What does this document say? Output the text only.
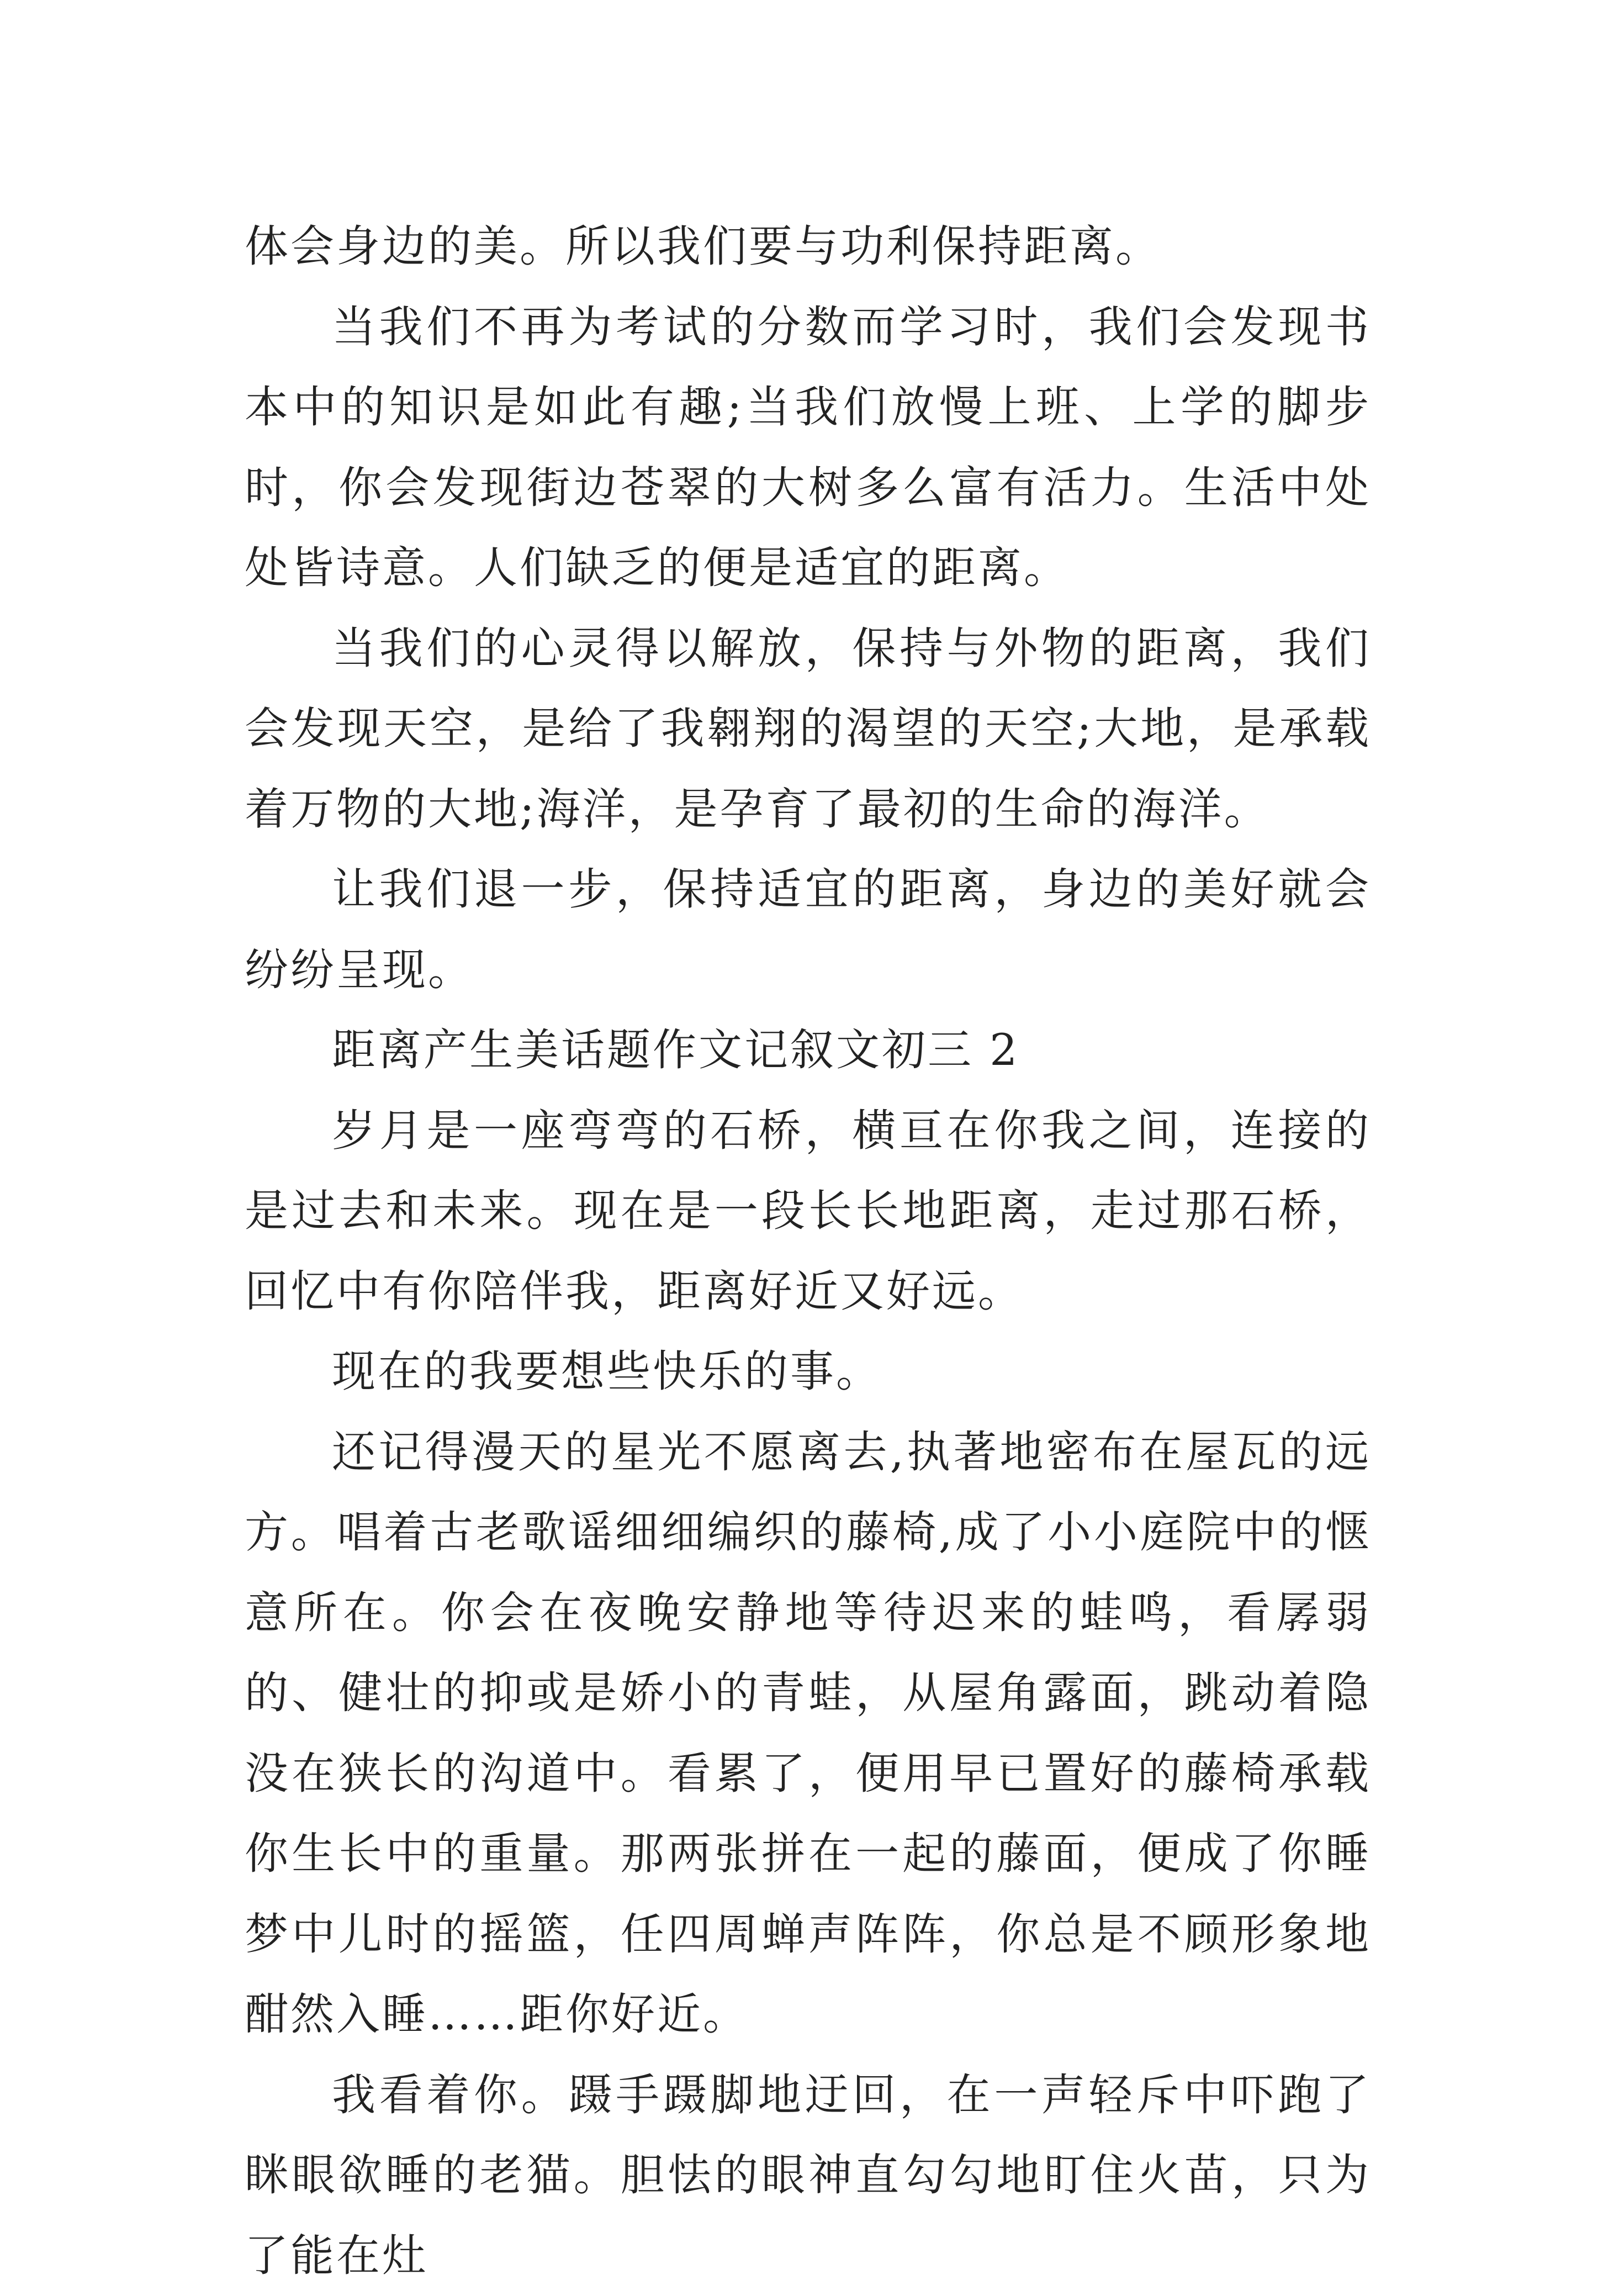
体会身边的美。所以我们要与功利保持距离。

当我们不再为考试的分数而学习时，我们会发现书本中的知识是如此有趣;当我们放慢上班、上学的脚步时，你会发现街边苍翠的大树多么富有活力。生活中处处皆诗意。人们缺乏的便是适宜的距离。

当我们的心灵得以解放，保持与外物的距离，我们会发现天空，是给了我翱翔的渴望的天空;大地，是承载着万物的大地;海洋，是孕育了最初的生命的海洋。

让我们退一步，保持适宜的距离，身边的美好就会纷纷呈现。

距离产生美话题作文记叙文初三 2

岁月是一座弯弯的石桥，横亘在你我之间，连接的是过去和未来。现在是一段长长地距离，走过那石桥，回忆中有你陪伴我，距离好近又好远。

现在的我要想些快乐的事。

还记得漫天的星光不愿离去,执著地密布在屋瓦的远方。唱着古老歌谣细细编织的藤椅,成了小小庭院中的惬意所在。你会在夜晚安静地等待迟来的蛙鸣，看孱弱的、健壮的抑或是娇小的青蛙，从屋角露面，跳动着隐没在狭长的沟道中。看累了，便用早已置好的藤椅承载你生长中的重量。那两张拼在一起的藤面，便成了你睡梦中儿时的摇篮，任四周蝉声阵阵，你总是不顾形象地酣然入睡……距你好近。

我看着你。蹑手蹑脚地迂回，在一声轻斥中吓跑了眯眼欲睡的老猫。胆怯的眼神直勾勾地盯住火苗，只为了能在灶
